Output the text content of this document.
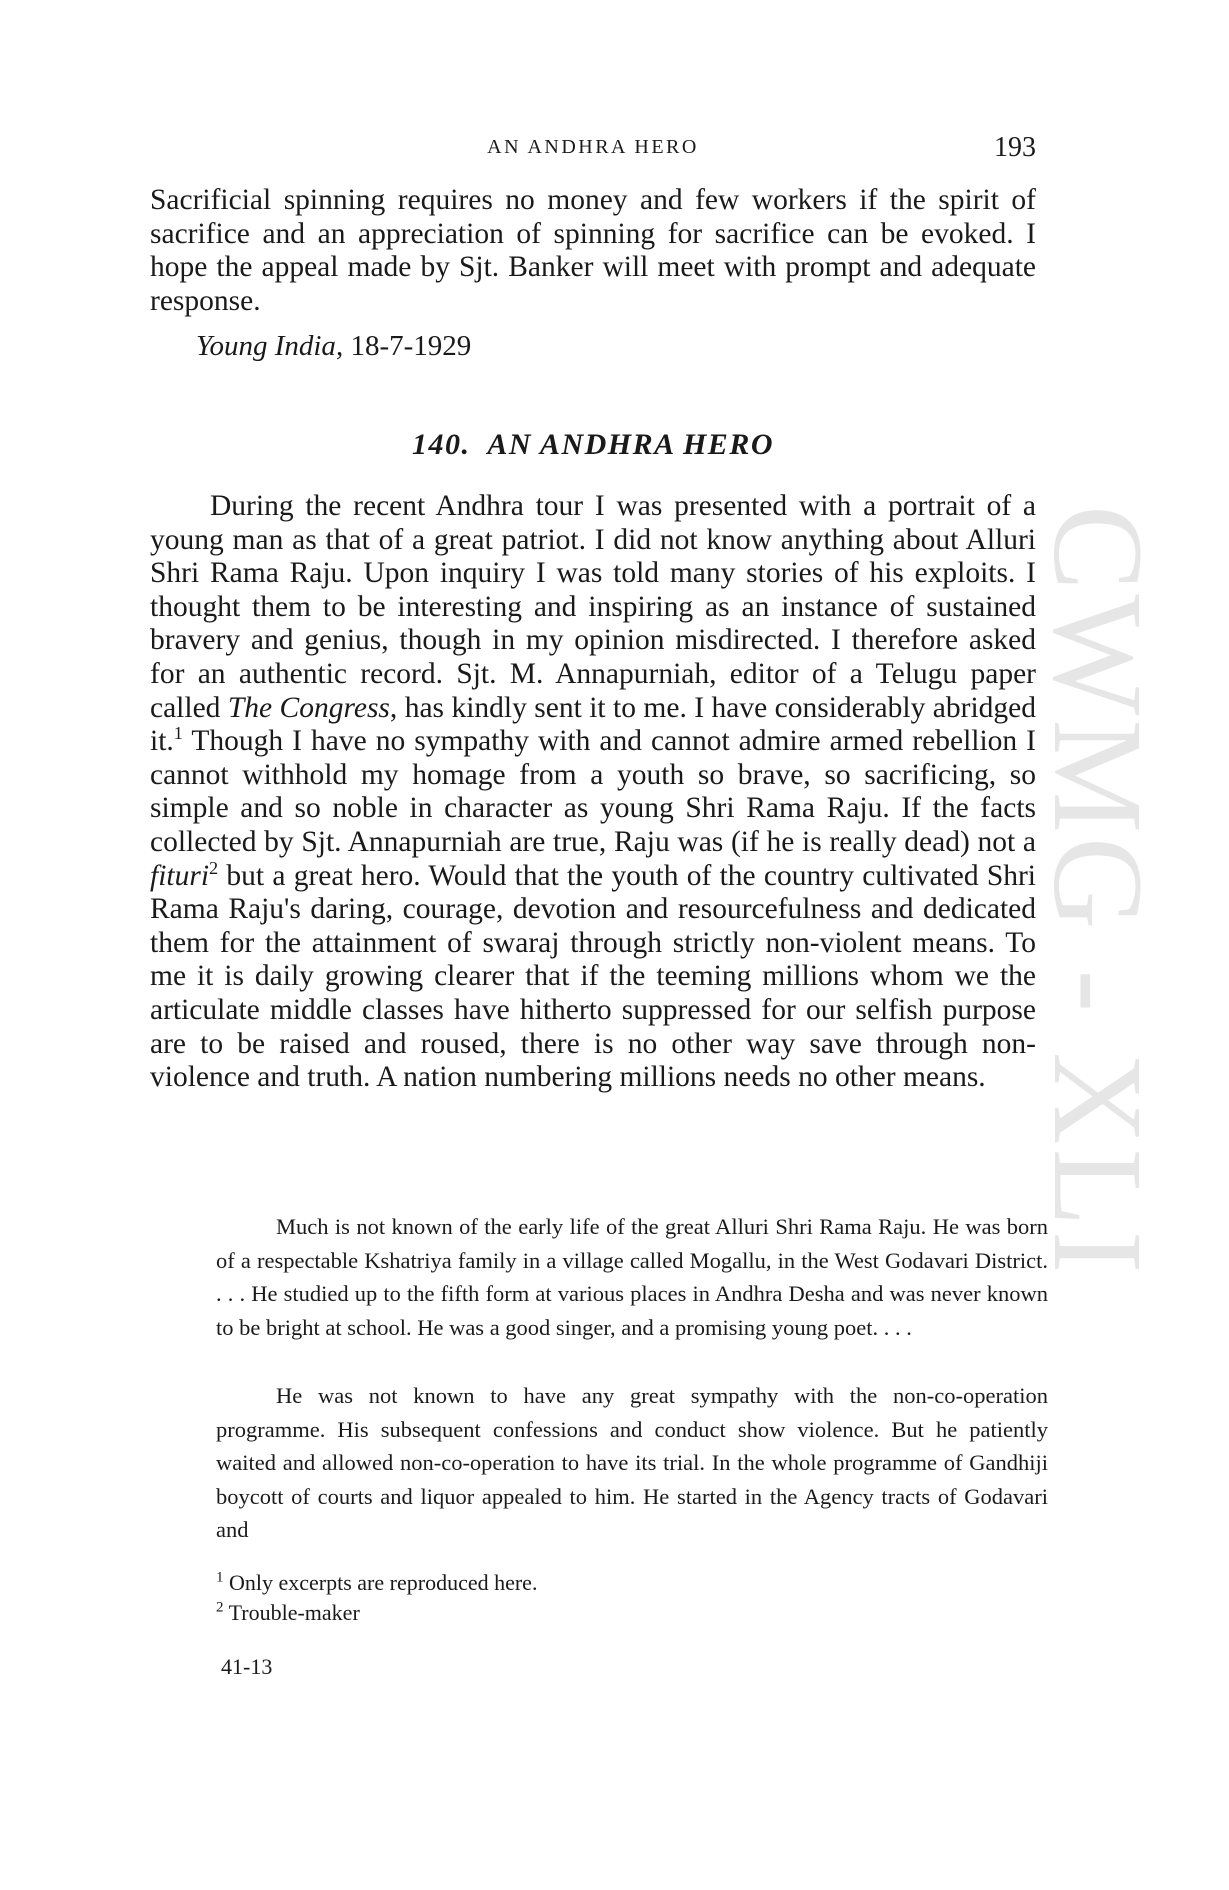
CWMG - XLI
AN ANDHRA HERO	193

Sacrificial spinning requires no money and few workers if the spirit of sacrifice and an appreciation of spinning for sacrifice can be evoked. I hope the appeal made by Sjt. Banker will meet with prompt and adequate response.

Young India, 18-7-1929

140. AN ANDHRA HERO

During the recent Andhra tour I was presented with a portrait of a young man as that of a great patriot. I did not know anything about Alluri Shri Rama Raju. Upon inquiry I was told many stories of his exploits. I thought them to be interesting and inspiring as an instance of sustained bravery and genius, though in my opinion misdirected. I therefore asked for an authentic record. Sjt. M. Annapurniah, editor of a Telugu paper called The Congress, has kindly sent it to me. I have considerably abridged it.$^1$ Though I have no sympathy with and cannot admire armed rebellion I cannot withhold my homage from a youth so brave, so sacrificing, so simple and so noble in character as young Shri Rama Raju. If the facts collected by Sjt. Annapurniah are true, Raju was (if he is really dead) not a fituri$^2$ but a great hero. Would that the youth of the country cultivated Shri Rama Raju's daring, courage, devotion and resourcefulness and dedicated them for the attainment of swaraj through strictly non-violent means. To me it is daily growing clearer that if the teeming millions whom we the articulate middle classes have hitherto suppressed for our selfish purpose are to be raised and roused, there is no other way save through non-violence and truth. A nation numbering millions needs no other means.

Much is not known of the early life of the great Alluri Shri Rama Raju. He was born of a respectable Kshatriya family in a village called Mogallu, in the West Godavari District. . . . He studied up to the fifth form at various places in Andhra Desha and was never known to be bright at school. He was a good singer, and a promising young poet. . . .

He was not known to have any great sympathy with the non-co-operation programme. His subsequent confessions and conduct show violence. But he patiently waited and allowed non-co-operation to have its trial. In the whole programme of Gandhiji boycott of courts and liquor appealed to him. He started in the Agency tracts of Godavari and

$^1$ Only excerpts are reproduced here.

$^2$ Trouble-maker

41-13
